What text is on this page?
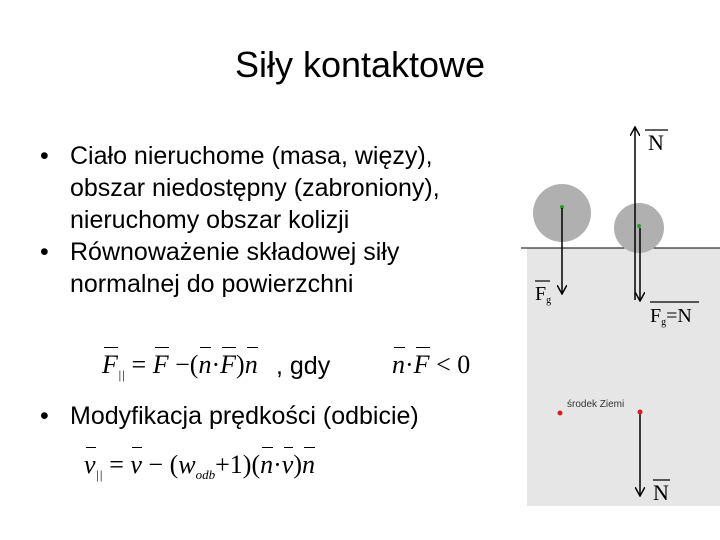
Siły kontaktowe
• Ciało nieruchome (masa, więzy),
obszar niedostępny (zabroniony),
nieruchomy obszar kolizji
• Równoważenie składowej siły
normalnej do powierzchni
$F_{||} = F -(n\cdot F)n$ , gdy n·F < 0
• Modyfikacja prędkości (odbicie)
$v_{||} = v - (w_{odb}+1)(n\cdot v)n$
N
Fg
Fg=N
środek Ziemi
N
